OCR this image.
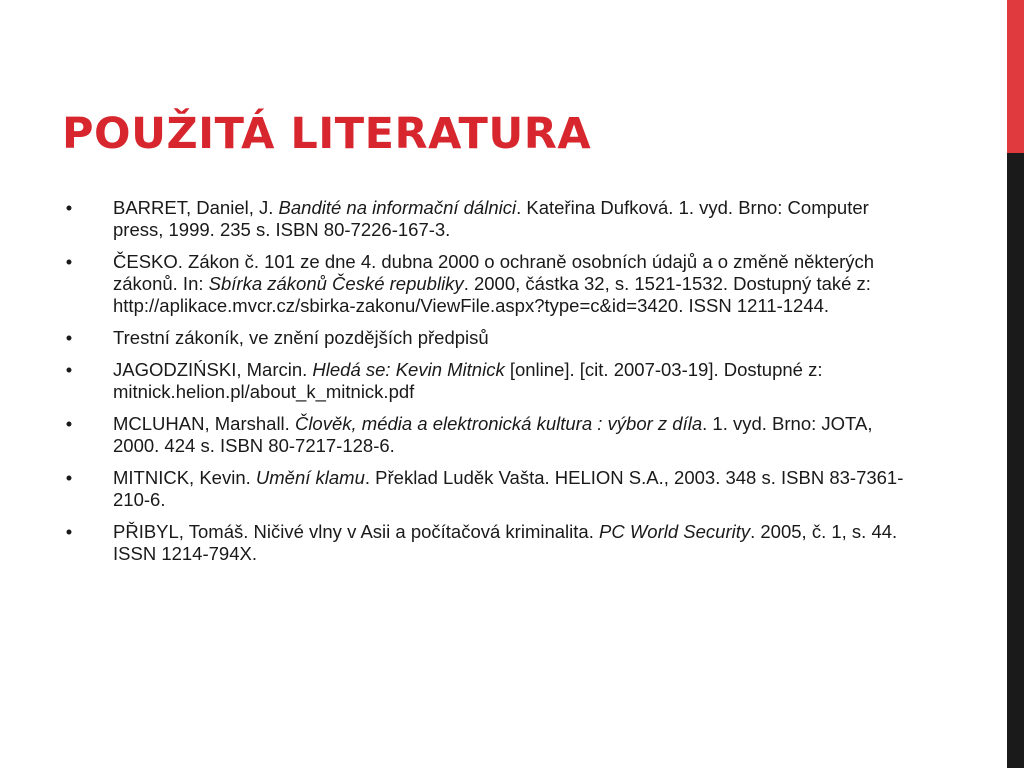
POUŽITÁ LITERATURA
• BARRET, Daniel, J. Bandité na informační dálnici. Kateřina Dufková. 1. vyd. Brno: Computer press, 1999. 235 s. ISBN 80-7226-167-3.
• ČESKO. Zákon č. 101 ze dne 4. dubna 2000 o ochraně osobních údajů a o změně některých zákonů. In: Sbírka zákonů České republiky. 2000, částka 32, s. 1521-1532. Dostupný také z: http://aplikace.mvcr.cz/sbirka-zakonu/ViewFile.aspx?type=c&id=3420. ISSN 1211-1244.
• Trestní zákoník, ve znění pozdějších předpisů
• JAGODZIŃSKI, Marcin. Hledá se: Kevin Mitnick [online]. [cit. 2007-03-19]. Dostupné z: mitnick.helion.pl/about_k_mitnick.pdf
• MCLUHAN, Marshall. Člověk, média a elektronická kultura : výbor z díla. 1. vyd. Brno: JOTA, 2000. 424 s. ISBN 80-7217-128-6.
• MITNICK, Kevin. Umění klamu. Překlad Luděk Vašta. HELION S.A., 2003. 348 s. ISBN 83-7361-210-6.
• PŘIBYL, Tomáš. Ničivé vlny v Asii a počítačová kriminalita. PC World Security. 2005, č. 1, s. 44. ISSN 1214-794X.
